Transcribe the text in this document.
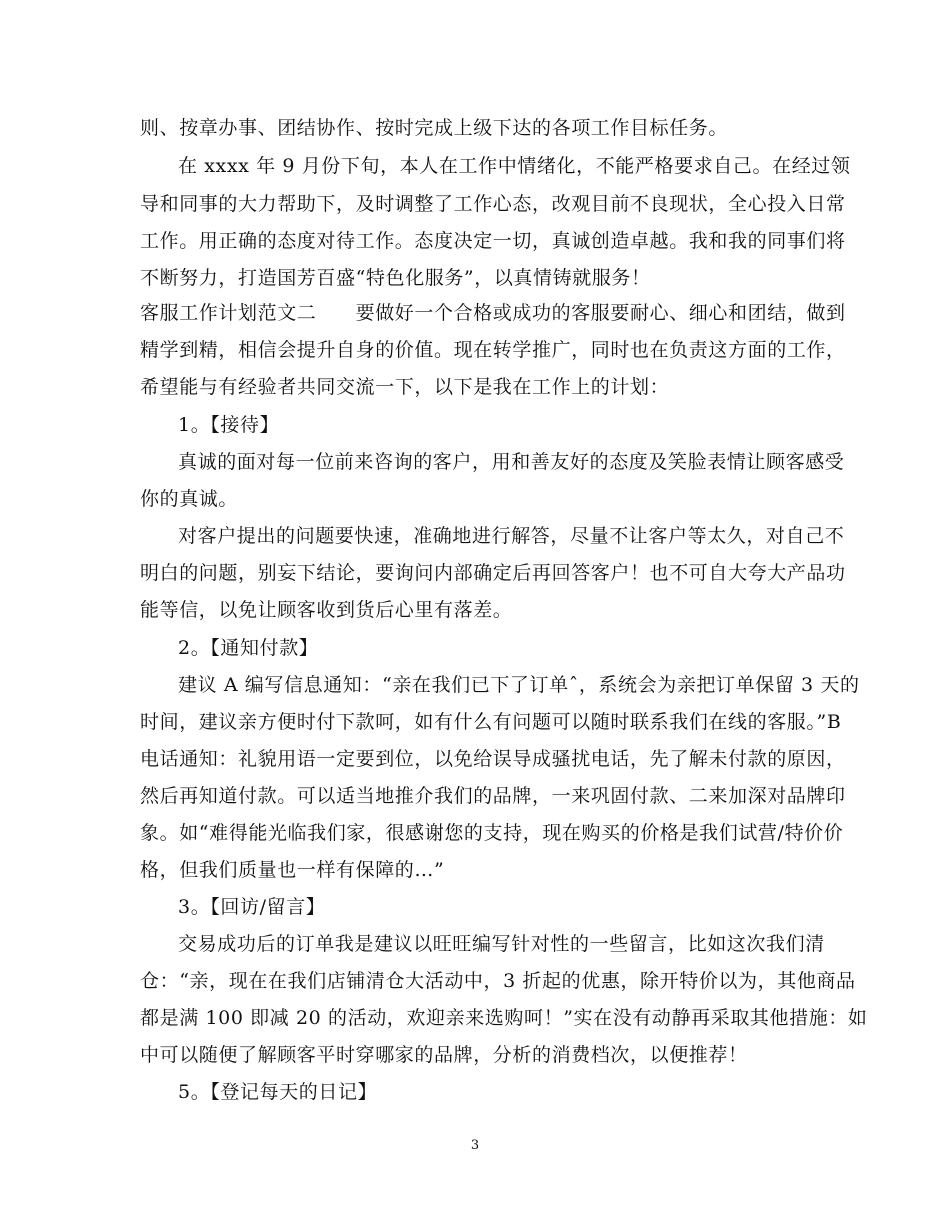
则、按章办事、团结协作、按时完成上级下达的各项工作目标任务。
在 xxxx 年 9 月份下旬，本人在工作中情绪化，不能严格要求自己。在经过领
导和同事的大力帮助下，及时调整了工作心态，改观目前不良现状，全心投入日常
工作。用正确的态度对待工作。态度决定一切，真诚创造卓越。我和我的同事们将
不断努力，打造国芳百盛“特色化服务”，以真情铸就服务！
客服工作计划范文二　　要做好一个合格或成功的客服要耐心、细心和团结，做到
精学到精，相信会提升自身的价值。现在转学推广，同时也在负责这方面的工作，
希望能与有经验者共同交流一下，以下是我在工作上的计划：
1。【接待】
真诚的面对每一位前来咨询的客户，用和善友好的态度及笑脸表情让顾客感受
你的真诚。
对客户提出的问题要快速，准确地进行解答，尽量不让客户等太久，对自己不
明白的问题，别妄下结论，要询问内部确定后再回答客户！也不可自大夸大产品功
能等信，以免让顾客收到货后心里有落差。
2。【通知付款】
建议 A 编写信息通知：“亲在我们已下了订单ˆ，系统会为亲把订单保留 3 天的
时间，建议亲方便时付下款呵，如有什么有问题可以随时联系我们在线的客服。”B
电话通知：礼貌用语一定要到位，以免给误导成骚扰电话，先了解未付款的原因，
然后再知道付款。可以适当地推介我们的品牌，一来巩固付款、二来加深对品牌印
象。如“难得能光临我们家，很感谢您的支持，现在购买的价格是我们试营/特价价
格，但我们质量也一样有保障的…”
3。【回访/留言】
交易成功后的订单我是建议以旺旺编写针对性的一些留言，比如这次我们清
仓：“亲，现在在我们店铺清仓大活动中，3 折起的优惠，除开特价以为，其他商品
都是满 100 即减 20 的活动，欢迎亲来选购呵！”实在没有动静再采取其他措施：如
中可以随便了解顾客平时穿哪家的品牌，分析的消费档次，以便推荐！
5。【登记每天的日记】
3
